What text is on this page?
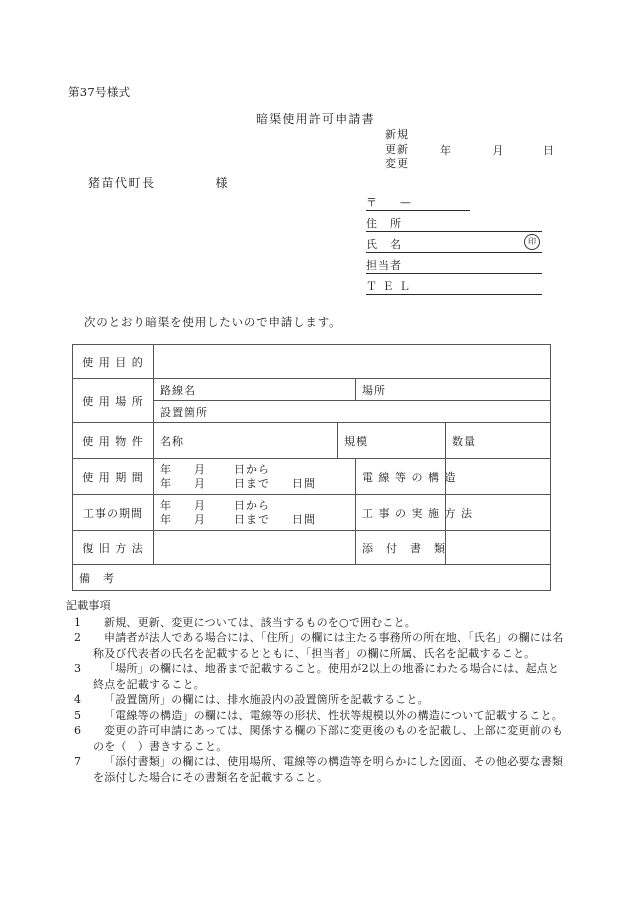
第37号様式
暗渠使用許可申請書
新規
更新
変更
年	月	日
猪苗代町長	様
〒 —
住　所
氏　名	印
担当者
Ｔ Ｅ Ｌ
次のとおり暗渠を使用したいので申請します。
使 用 目 的				
使 用 場 所	路線名		場所	
	設置箇所			
使 用 物 件	名称	規模		数量
使 用 期 間	年 月 日から
年 月 日まで 日間		電 線 等 の 構 造	
工事の期間	年 月 日から
年 月 日まで 日間		工 事 の 実 施 方 法	
復 旧 方 法			添　付　書　類	
備　考				
記載事項
1	新規、更新、変更については、該当するものを○で囲むこと。
2	申請者が法人である場合には、「住所」の欄には主たる事務所の所在地、「氏名」の欄には名称及び代表者の氏名を記載するとともに、「担当者」の欄に所属、氏名を記載すること。
3	「場所」の欄には、地番まで記載すること。使用が2以上の地番にわたる場合には、起点と終点を記載すること。
4	「設置箇所」の欄には、排水施設内の設置箇所を記載すること。
5	「電線等の構造」の欄には、電線等の形状、性状等規模以外の構造について記載すること。
6	変更の許可申請にあっては、関係する欄の下部に変更後のものを記載し、上部に変更前のものを（　）書きすること。
7	「添付書類」の欄には、使用場所、電線等の構造等を明らかにした図面、その他必要な書類を添付した場合にその書類名を記載すること。
